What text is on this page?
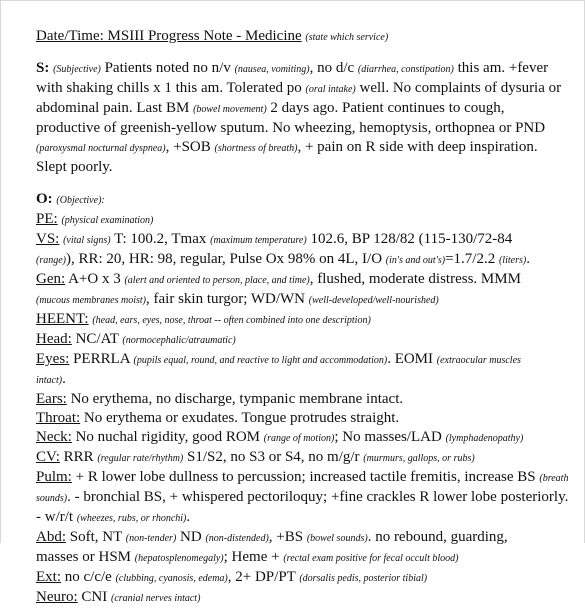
Date/Time: MSIII Progress Note - Medicine (state which service)
S: (Subjective) Patients noted no n/v (nausea, vomiting), no d/c (diarrhea, constipation) this am. +fever
with shaking chills x 1 this am. Tolerated po (oral intake) well. No complaints of dysuria or
abdominal pain. Last BM (bowel movement) 2 days ago. Patient continues to cough,
productive of greenish-yellow sputum. No wheezing, hemoptysis, orthopnea or PND
(paroxysmal nocturnal dyspnea), +SOB (shortness of breath), + pain on R side with deep inspiration.
Slept poorly.
O: (Objective):
PE: (physical examination)
VS: (vital signs) T: 100.2, Tmax (maximum temperature) 102.6, BP 128/82 (115-130/72-84
(range)), RR: 20, HR: 98, regular, Pulse Ox 98% on 4L, I/O (in's and out's)=1.7/2.2 (liters).
Gen: A+O x 3 (alert and oriented to person, place, and time), flushed, moderate distress. MMM
(mucous membranes moist), fair skin turgor; WD/WN (well-developed/well-nourished)
HEENT: (head, ears, eyes, nose, throat -- often combined into one description)
Head: NC/AT (normocephalic/atraumatic)
Eyes: PERRLA (pupils equal, round, and reactive to light and accommodation). EOMI (extraocular muscles
intact).
Ears: No erythema, no discharge, tympanic membrane intact.
Throat: No erythema or exudates. Tongue protrudes straight.
Neck: No nuchal rigidity, good ROM (range of motion); No masses/LAD (lymphadenopathy)
CV: RRR (regular rate/rhythm) S1/S2, no S3 or S4, no m/g/r (murmurs, gallops, or rubs)
Pulm: + R lower lobe dullness to percussion; increased tactile fremitis, increase BS (breath
sounds). - bronchial BS, + whispered pectoriloquy; +fine crackles R lower lobe posteriorly.
- w/r/t (wheezes, rubs, or rhonchi).
Abd: Soft, NT (non-tender) ND (non-distended), +BS (bowel sounds). no rebound, guarding,
masses or HSM (hepatosplenomegaly); Heme + (rectal exam positive for fecal occult blood)
Ext: no c/c/e (clubbing, cyanosis, edema), 2+ DP/PT (dorsalis pedis, posterior tibial)
Neuro: CNI (cranial nerves intact)
